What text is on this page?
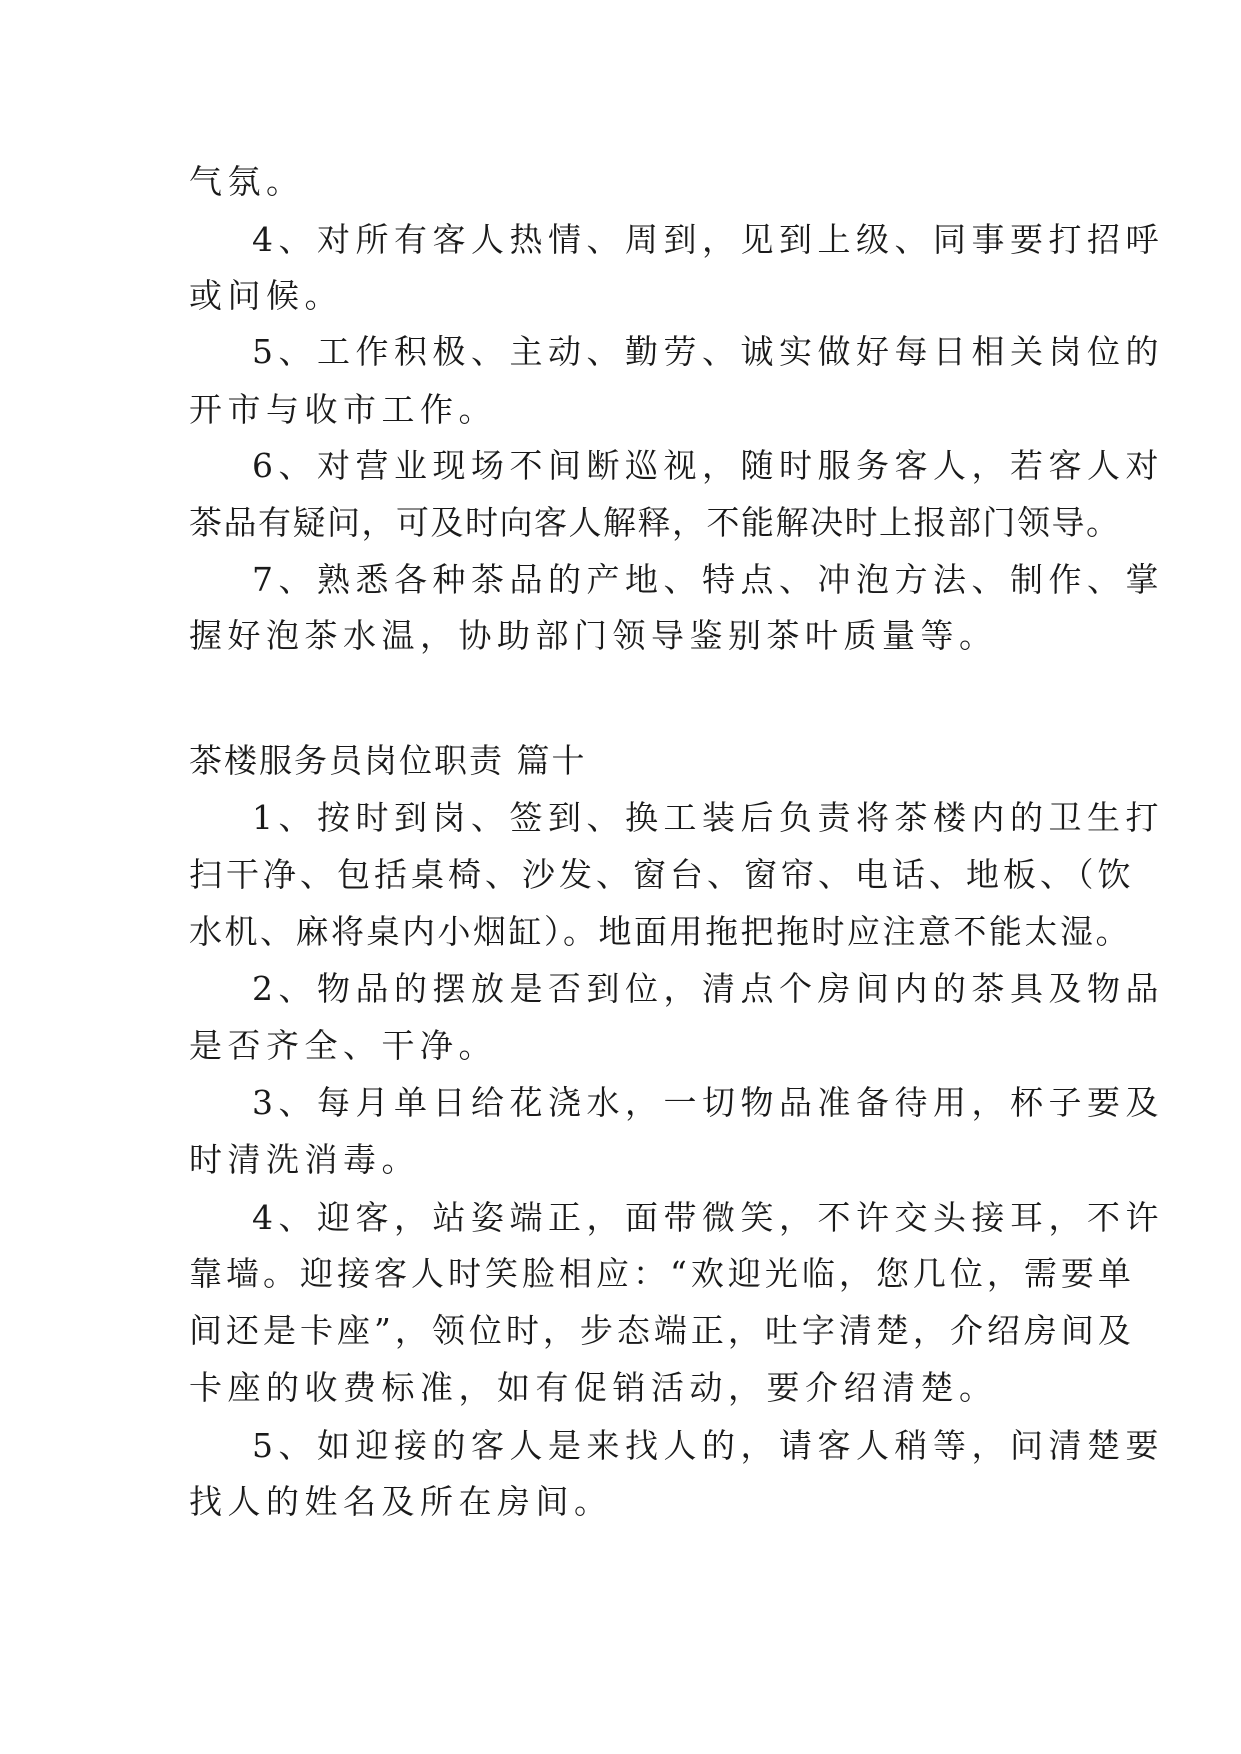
气氛。
4、对所有客人热情、周到，见到上级、同事要打招呼
或问候。
5、工作积极、主动、勤劳、诚实做好每日相关岗位的
开市与收市工作。
6、对营业现场不间断巡视，随时服务客人，若客人对
茶品有疑问，可及时向客人解释，不能解决时上报部门领导。
7、熟悉各种茶品的产地、特点、冲泡方法、制作、掌
握好泡茶水温，协助部门领导鉴别茶叶质量等。
茶楼服务员岗位职责 篇十
1、按时到岗、签到、换工装后负责将茶楼内的卫生打
扫干净、包括桌椅、沙发、窗台、窗帘、电话、地板、（饮
水机、麻将桌内小烟缸）。地面用拖把拖时应注意不能太湿。
2、物品的摆放是否到位，清点个房间内的茶具及物品
是否齐全、干净。
3、每月单日给花浇水，一切物品准备待用，杯子要及
时清洗消毒。
4、迎客，站姿端正，面带微笑，不许交头接耳，不许
靠墙。迎接客人时笑脸相应：“欢迎光临，您几位，需要单
间还是卡座”，领位时，步态端正，吐字清楚，介绍房间及
卡座的收费标准，如有促销活动，要介绍清楚。
5、如迎接的客人是来找人的，请客人稍等，问清楚要
找人的姓名及所在房间。
